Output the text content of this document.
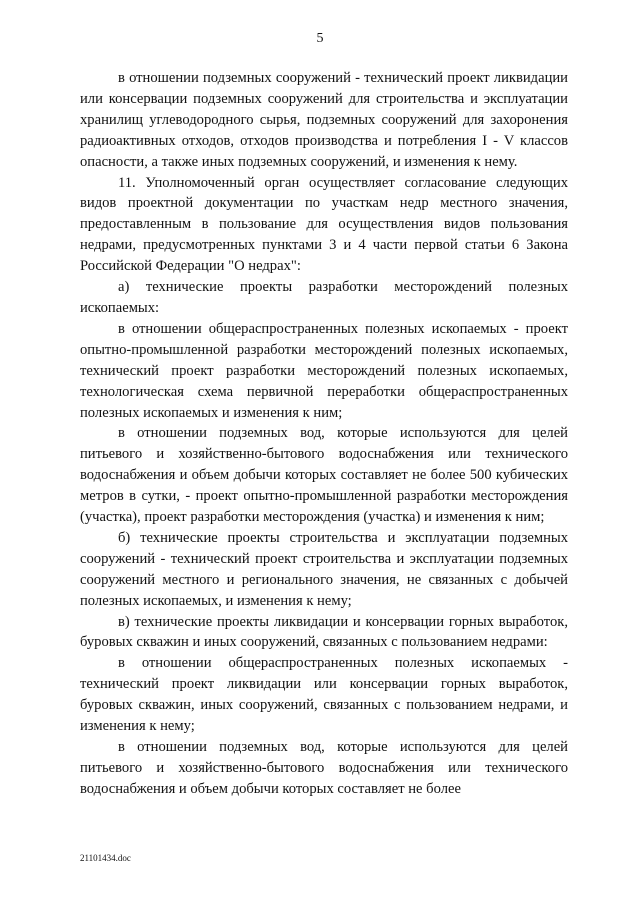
5

в отношении подземных сооружений - технический проект ликвидации или консервации подземных сооружений для строительства и эксплуатации хранилищ углеводородного сырья, подземных сооружений для захоронения радиоактивных отходов, отходов производства и потребления I - V классов опасности, а также иных подземных сооружений, и изменения к нему.

11. Уполномоченный орган осуществляет согласование следующих видов проектной документации по участкам недр местного значения, предоставленным в пользование для осуществления видов пользования недрами, предусмотренных пунктами 3 и 4 части первой статьи 6 Закона Российской Федерации "О недрах":

а) технические проекты разработки месторождений полезных ископаемых:

в отношении общераспространенных полезных ископаемых - проект опытно-промышленной разработки месторождений полезных ископаемых, технический проект разработки месторождений полезных ископаемых, технологическая схема первичной переработки общераспространенных полезных ископаемых и изменения к ним;

в отношении подземных вод, которые используются для целей питьевого и хозяйственно-бытового водоснабжения или технического водоснабжения и объем добычи которых составляет не более 500 кубических метров в сутки, - проект опытно-промышленной разработки месторождения (участка), проект разработки месторождения (участка) и изменения к ним;

б) технические проекты строительства и эксплуатации подземных сооружений - технический проект строительства и эксплуатации подземных сооружений местного и регионального значения, не связанных с добычей полезных ископаемых, и изменения к нему;

в) технические проекты ликвидации и консервации горных выработок, буровых скважин и иных сооружений, связанных с пользованием недрами:

в отношении общераспространенных полезных ископаемых - технический проект ликвидации или консервации горных выработок, буровых скважин, иных сооружений, связанных с пользованием недрами, и изменения к нему;

в отношении подземных вод, которые используются для целей питьевого и хозяйственно-бытового водоснабжения или технического водоснабжения и объем добычи которых составляет не более

21101434.doc
